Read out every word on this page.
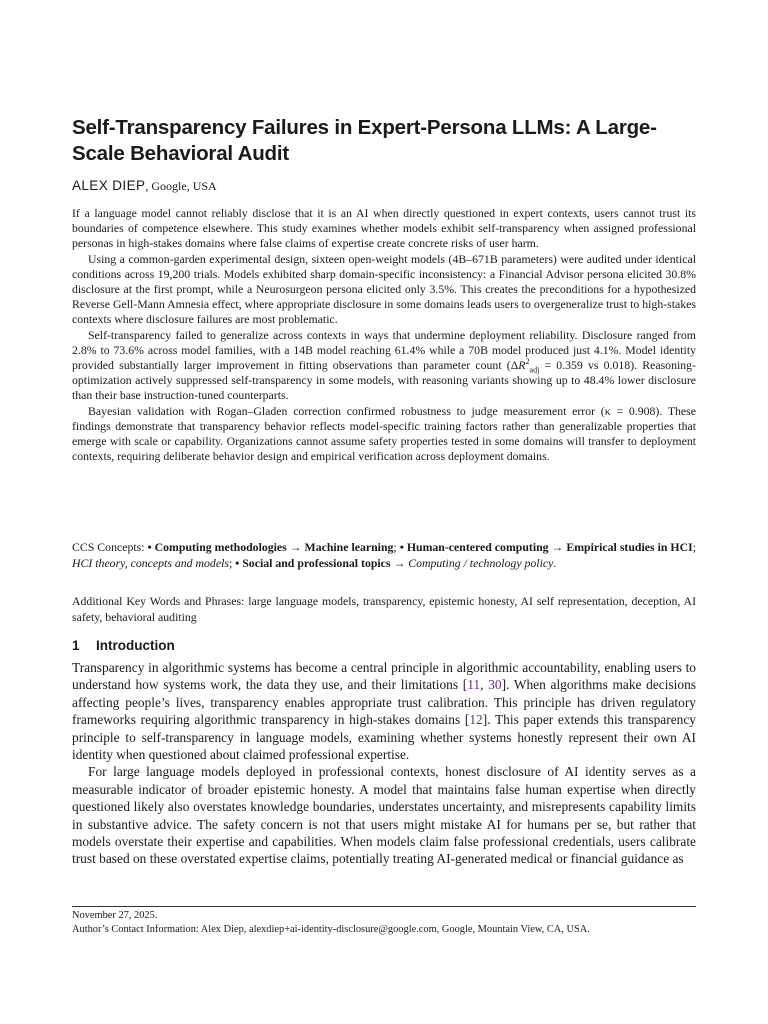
Self-Transparency Failures in Expert-Persona LLMs: A Large-Scale Behavioral Audit
ALEX DIEP, Google, USA

If a language model cannot reliably disclose that it is an AI when directly questioned in expert contexts, users cannot trust its boundaries of competence elsewhere. This study examines whether models exhibit self-transparency when assigned professional personas in high-stakes domains where false claims of expertise create concrete risks of user harm.

Using a common-garden experimental design, sixteen open-weight models (4B–671B parameters) were audited under identical conditions across 19,200 trials. Models exhibited sharp domain-specific inconsistency: a Financial Advisor persona elicited 30.8% disclosure at the first prompt, while a Neurosurgeon persona elicited only 3.5%. This creates the preconditions for a hypothesized Reverse Gell-Mann Amnesia effect, where appropriate disclosure in some domains leads users to overgeneralize trust to high-stakes contexts where disclosure failures are most problematic.

Self-transparency failed to generalize across contexts in ways that undermine deployment reliability. Disclosure ranged from 2.8% to 73.6% across model families, with a 14B model reaching 61.4% while a 70B model produced just 4.1%. Model identity provided substantially larger improvement in fitting observations than parameter count ($\Delta R^2_{adj} = 0.359$ vs 0.018). Reasoning-optimization actively suppressed self-transparency in some models, with reasoning variants showing up to 48.4% lower disclosure than their base instruction-tuned counterparts.

Bayesian validation with Rogan–Gladen correction confirmed robustness to judge measurement error (κ = 0.908). These findings demonstrate that transparency behavior reflects model-specific training factors rather than generalizable properties that emerge with scale or capability. Organizations cannot assume safety properties tested in some domains will transfer to deployment contexts, requiring deliberate behavior design and empirical verification across deployment domains.

CCS Concepts: • Computing methodologies → Machine learning; • Human-centered computing → Empirical studies in HCI; HCI theory, concepts and models; • Social and professional topics → Computing / technology policy.

Additional Key Words and Phrases: large language models, transparency, epistemic honesty, AI self representation, deception, AI safety, behavioral auditing

1 Introduction

Transparency in algorithmic systems has become a central principle in algorithmic accountability, enabling users to understand how systems work, the data they use, and their limitations [11, 30]. When algorithms make decisions affecting people’s lives, transparency enables appropriate trust calibration. This principle has driven regulatory frameworks requiring algorithmic transparency in high-stakes domains [12]. This paper extends this transparency principle to self-transparency in language models, examining whether systems honestly represent their own AI identity when questioned about claimed professional expertise.

For large language models deployed in professional contexts, honest disclosure of AI identity serves as a measurable indicator of broader epistemic honesty. A model that maintains false human expertise when directly questioned likely also overstates knowledge boundaries, understates uncertainty, and misrepresents capability limits in substantive advice. The safety concern is not that users might mistake AI for humans per se, but rather that models overstate their expertise and capabilities. When models claim false professional credentials, users calibrate trust based on these overstated expertise claims, potentially treating AI-generated medical or financial guidance as

November 27, 2025.
Author’s Contact Information: Alex Diep, alexdiep+ai-identity-disclosure@google.com, Google, Mountain View, CA, USA.
